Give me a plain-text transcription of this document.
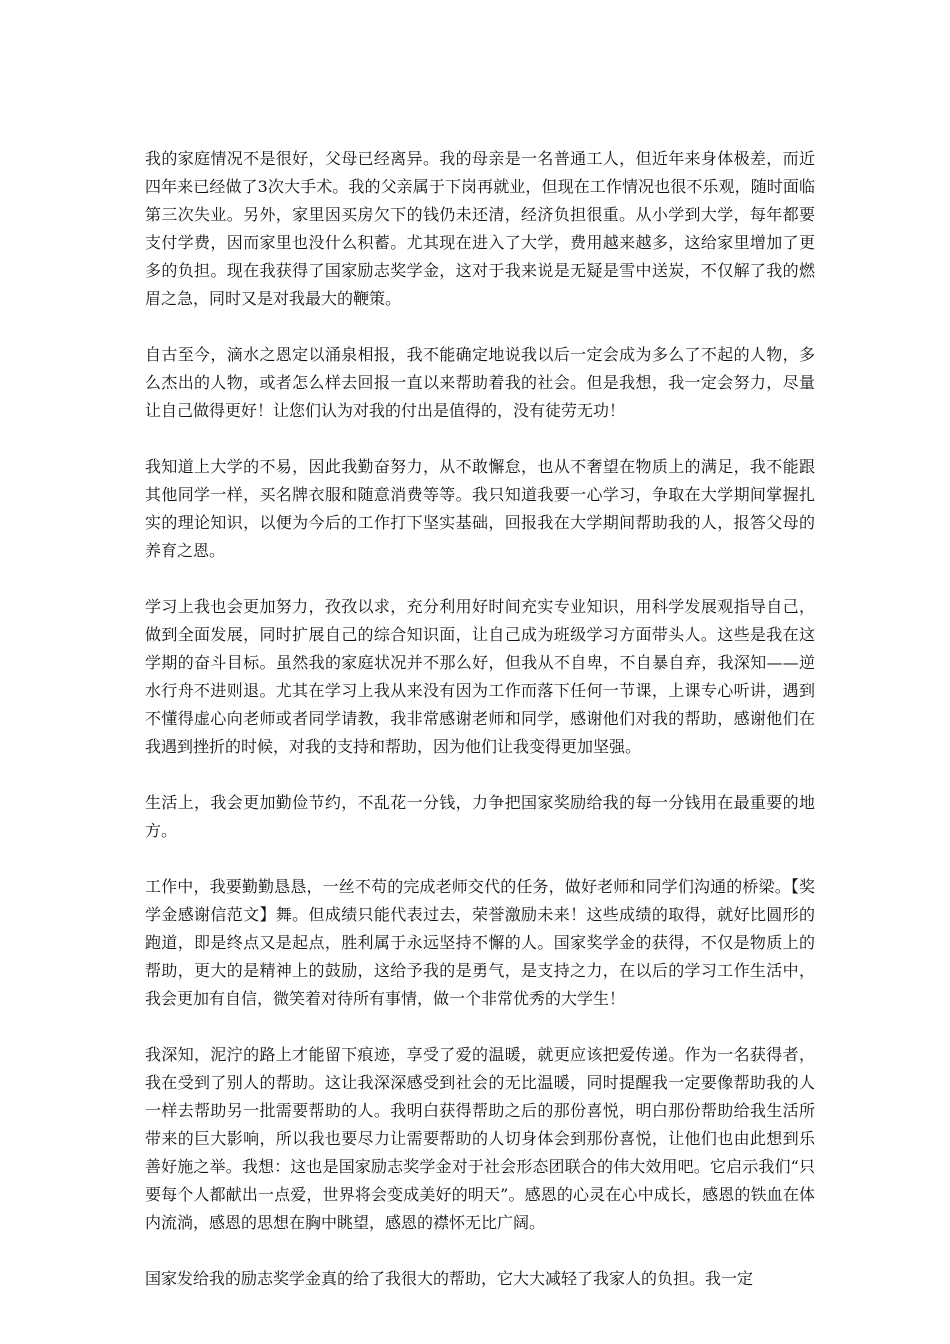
我的家庭情况不是很好，父母已经离异。我的母亲是一名普通工人，但近年来身体极差，而近四年来已经做了3次大手术。我的父亲属于下岗再就业，但现在工作情况也很不乐观，随时面临第三次失业。另外，家里因买房欠下的钱仍未还清，经济负担很重。从小学到大学，每年都要支付学费，因而家里也没什么积蓄。尤其现在进入了大学，费用越来越多，这给家里增加了更多的负担。现在我获得了国家励志奖学金，这对于我来说是无疑是雪中送炭，不仅解了我的燃眉之急，同时又是对我最大的鞭策。

自古至今，滴水之恩定以涌泉相报，我不能确定地说我以后一定会成为多么了不起的人物，多么杰出的人物，或者怎么样去回报一直以来帮助着我的社会。但是我想，我一定会努力，尽量让自己做得更好！让您们认为对我的付出是值得的，没有徒劳无功！

我知道上大学的不易，因此我勤奋努力，从不敢懈怠，也从不奢望在物质上的满足，我不能跟其他同学一样，买名牌衣服和随意消费等等。我只知道我要一心学习，争取在大学期间掌握扎实的理论知识，以便为今后的工作打下坚实基础，回报我在大学期间帮助我的人，报答父母的养育之恩。

学习上我也会更加努力，孜孜以求，充分利用好时间充实专业知识，用科学发展观指导自己，做到全面发展，同时扩展自己的综合知识面，让自己成为班级学习方面带头人。这些是我在这学期的奋斗目标。虽然我的家庭状况并不那么好，但我从不自卑，不自暴自弃，我深知——逆水行舟不进则退。尤其在学习上我从来没有因为工作而落下任何一节课，上课专心听讲，遇到不懂得虚心向老师或者同学请教，我非常感谢老师和同学，感谢他们对我的帮助，感谢他们在我遇到挫折的时候，对我的支持和帮助，因为他们让我变得更加坚强。

生活上，我会更加勤俭节约，不乱花一分钱，力争把国家奖励给我的每一分钱用在最重要的地方。

工作中，我要勤勤恳恳，一丝不苟的完成老师交代的任务，做好老师和同学们沟通的桥梁。【奖学金感谢信范文】舞。但成绩只能代表过去，荣誉激励未来！这些成绩的取得，就好比圆形的跑道，即是终点又是起点，胜利属于永远坚持不懈的人。国家奖学金的获得，不仅是物质上的帮助，更大的是精神上的鼓励，这给予我的是勇气，是支持之力，在以后的学习工作生活中，我会更加有自信，微笑着对待所有事情，做一个非常优秀的大学生！

我深知，泥泞的路上才能留下痕迹，享受了爱的温暖，就更应该把爱传递。作为一名获得者，我在受到了别人的帮助。这让我深深感受到社会的无比温暖，同时提醒我一定要像帮助我的人一样去帮助另一批需要帮助的人。我明白获得帮助之后的那份喜悦，明白那份帮助给我生活所带来的巨大影响，所以我也要尽力让需要帮助的人切身体会到那份喜悦，让他们也由此想到乐善好施之举。我想：这也是国家励志奖学金对于社会形态团联合的伟大效用吧。它启示我们“只要每个人都献出一点爱，世界将会变成美好的明天”。感恩的心灵在心中成长，感恩的铁血在体内流淌，感恩的思想在胸中眺望，感恩的襟怀无比广阔。

国家发给我的励志奖学金真的给了我很大的帮助，它大大减轻了我家人的负担。我一定
